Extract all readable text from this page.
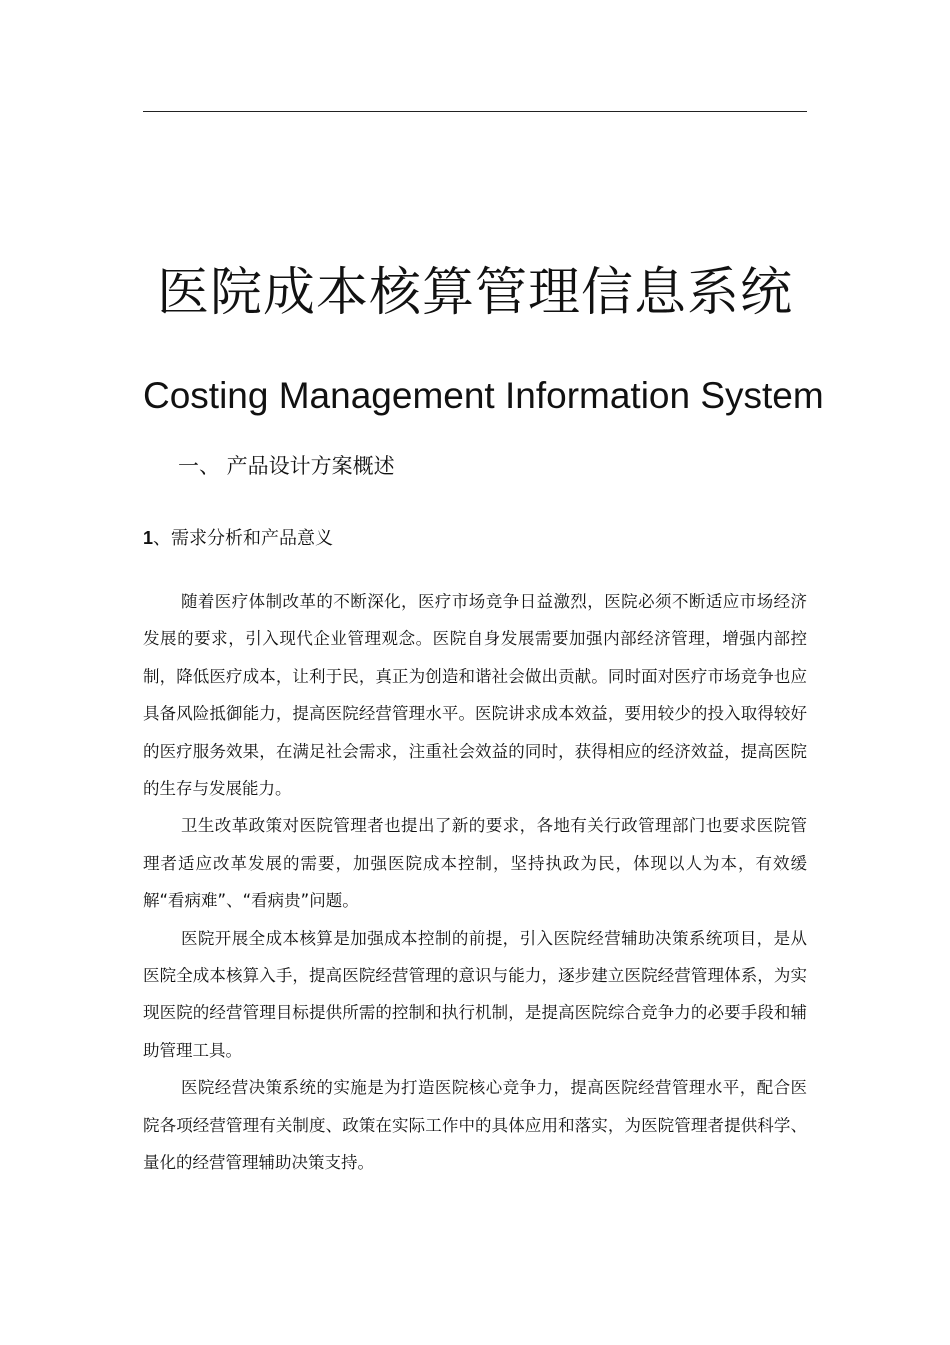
医院成本核算管理信息系统
Costing Management Information System
一、 产品设计方案概述
1、需求分析和产品意义

随着医疗体制改革的不断深化，医疗市场竞争日益激烈，医院必须不断适应市场经济发展的要求，引入现代企业管理观念。医院自身发展需要加强内部经济管理，增强内部控制，降低医疗成本，让利于民，真正为创造和谐社会做出贡献。同时面对医疗市场竞争也应具备风险抵御能力，提高医院经营管理水平。医院讲求成本效益，要用较少的投入取得较好的医疗服务效果，在满足社会需求，注重社会效益的同时，获得相应的经济效益，提高医院的生存与发展能力。

卫生改革政策对医院管理者也提出了新的要求，各地有关行政管理部门也要求医院管理者适应改革发展的需要，加强医院成本控制，坚持执政为民，体现以人为本，有效缓解“看病难”、“看病贵”问题。

医院开展全成本核算是加强成本控制的前提，引入医院经营辅助决策系统项目，是从医院全成本核算入手，提高医院经营管理的意识与能力，逐步建立医院经营管理体系，为实现医院的经营管理目标提供所需的控制和执行机制，是提高医院综合竞争力的必要手段和辅助管理工具。

医院经营决策系统的实施是为打造医院核心竞争力，提高医院经营管理水平，配合医院各项经营管理有关制度、政策在实际工作中的具体应用和落实，为医院管理者提供科学、量化的经营管理辅助决策支持。
